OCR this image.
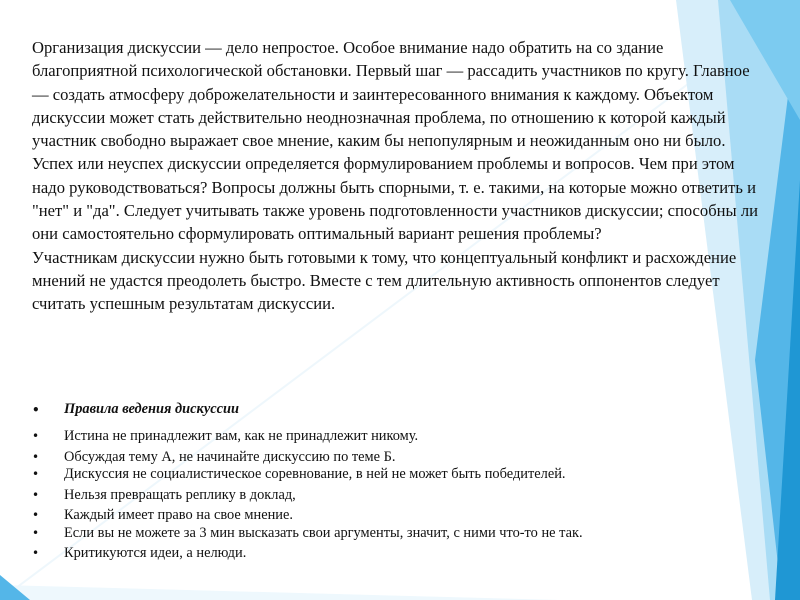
Организация дискуссии — дело непростое. Особое внимание надо обратить на со здание благоприятной психологической обстановки. Первый шаг — рассадить участников по кругу. Главное — создать атмосферу доброжелательности и заинтересованного внимания к каждому. Объектом дискуссии может стать действительно неоднозначная проблема, по отношению к которой каждый участник свободно выражает свое мнение, каким бы непопулярным и неожиданным оно ни было. Успех или неуспех дискуссии определяется формулированием проблемы и вопросов. Чем при этом надо руководствоваться? Вопросы должны быть спорными, т. е. такими, на которые можно ответить и "нет" и "да". Следует учитывать также уровень подготовленности участников дискуссии; способны ли они самостоятельно сформулировать оптимальный вариант решения проблемы?

Участникам дискуссии нужно быть готовыми к тому, что концептуальный конфликт и расхождение мнений не удастся преодолеть быстро. Вместе с тем длительную активность оппонентов следует считать успешным результатам дискуссии.

• Правила ведения дискуссии
• Истина не принадлежит вам, как не принадлежит никому.
• Обсуждая тему А, не начинайте дискуссию по теме Б.
• Дискуссия не социалистическое соревнование, в ней не может быть победителей.
• Нельзя превращать реплику в доклад,
• Каждый имеет право на свое мнение.
• Если вы не можете за 3 мин высказать свои аргументы, значит, с ними что-то не так.
• Критикуются идеи, а нелюди.
